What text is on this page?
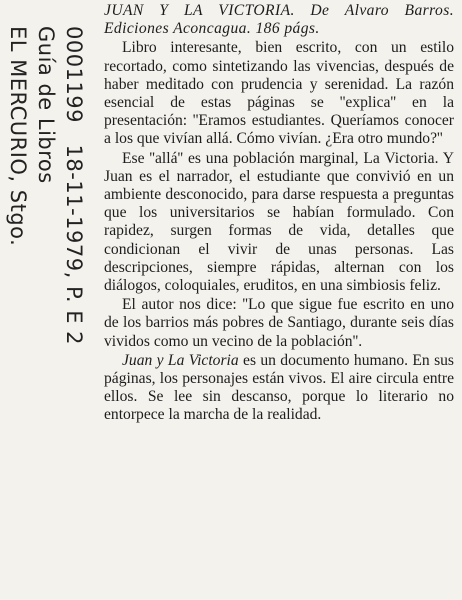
EL MERCURIO, Stgo. Guía de Libros 0001199   18-11-1979, P. E 2

JUAN Y LA VICTORIA. De Alvaro Barros. Ediciones Aconcagua. 186 págs.

Libro interesante, bien escrito, con un estilo recortado, como sintetizando las vivencias, después de haber meditado con prudencia y serenidad. La razón esencial de estas páginas se ''explica'' en la presentación: ''Eramos estudiantes. Queríamos conocer a los que vivían allá. Cómo vivían. ¿Era otro mundo?''

Ese ''allá'' es una población marginal, La Victoria. Y Juan es el narrador, el estudiante que convivió en un ambiente desconocido, para darse respuesta a preguntas que los universitarios se habían formulado. Con rapidez, surgen formas de vida, detalles que condicionan el vivir de unas personas. Las descripciones, siempre rápidas, alternan con los diálogos, coloquiales, eruditos, en una simbiosis feliz.

El autor nos dice: ''Lo que sigue fue escrito en uno de los barrios más pobres de Santiago, durante seis días vividos como un vecino de la población''.

Juan y La Victoria es un documento humano. En sus páginas, los personajes están vivos. El aire circula entre ellos. Se lee sin descanso, porque lo literario no entorpece la marcha de la realidad.
